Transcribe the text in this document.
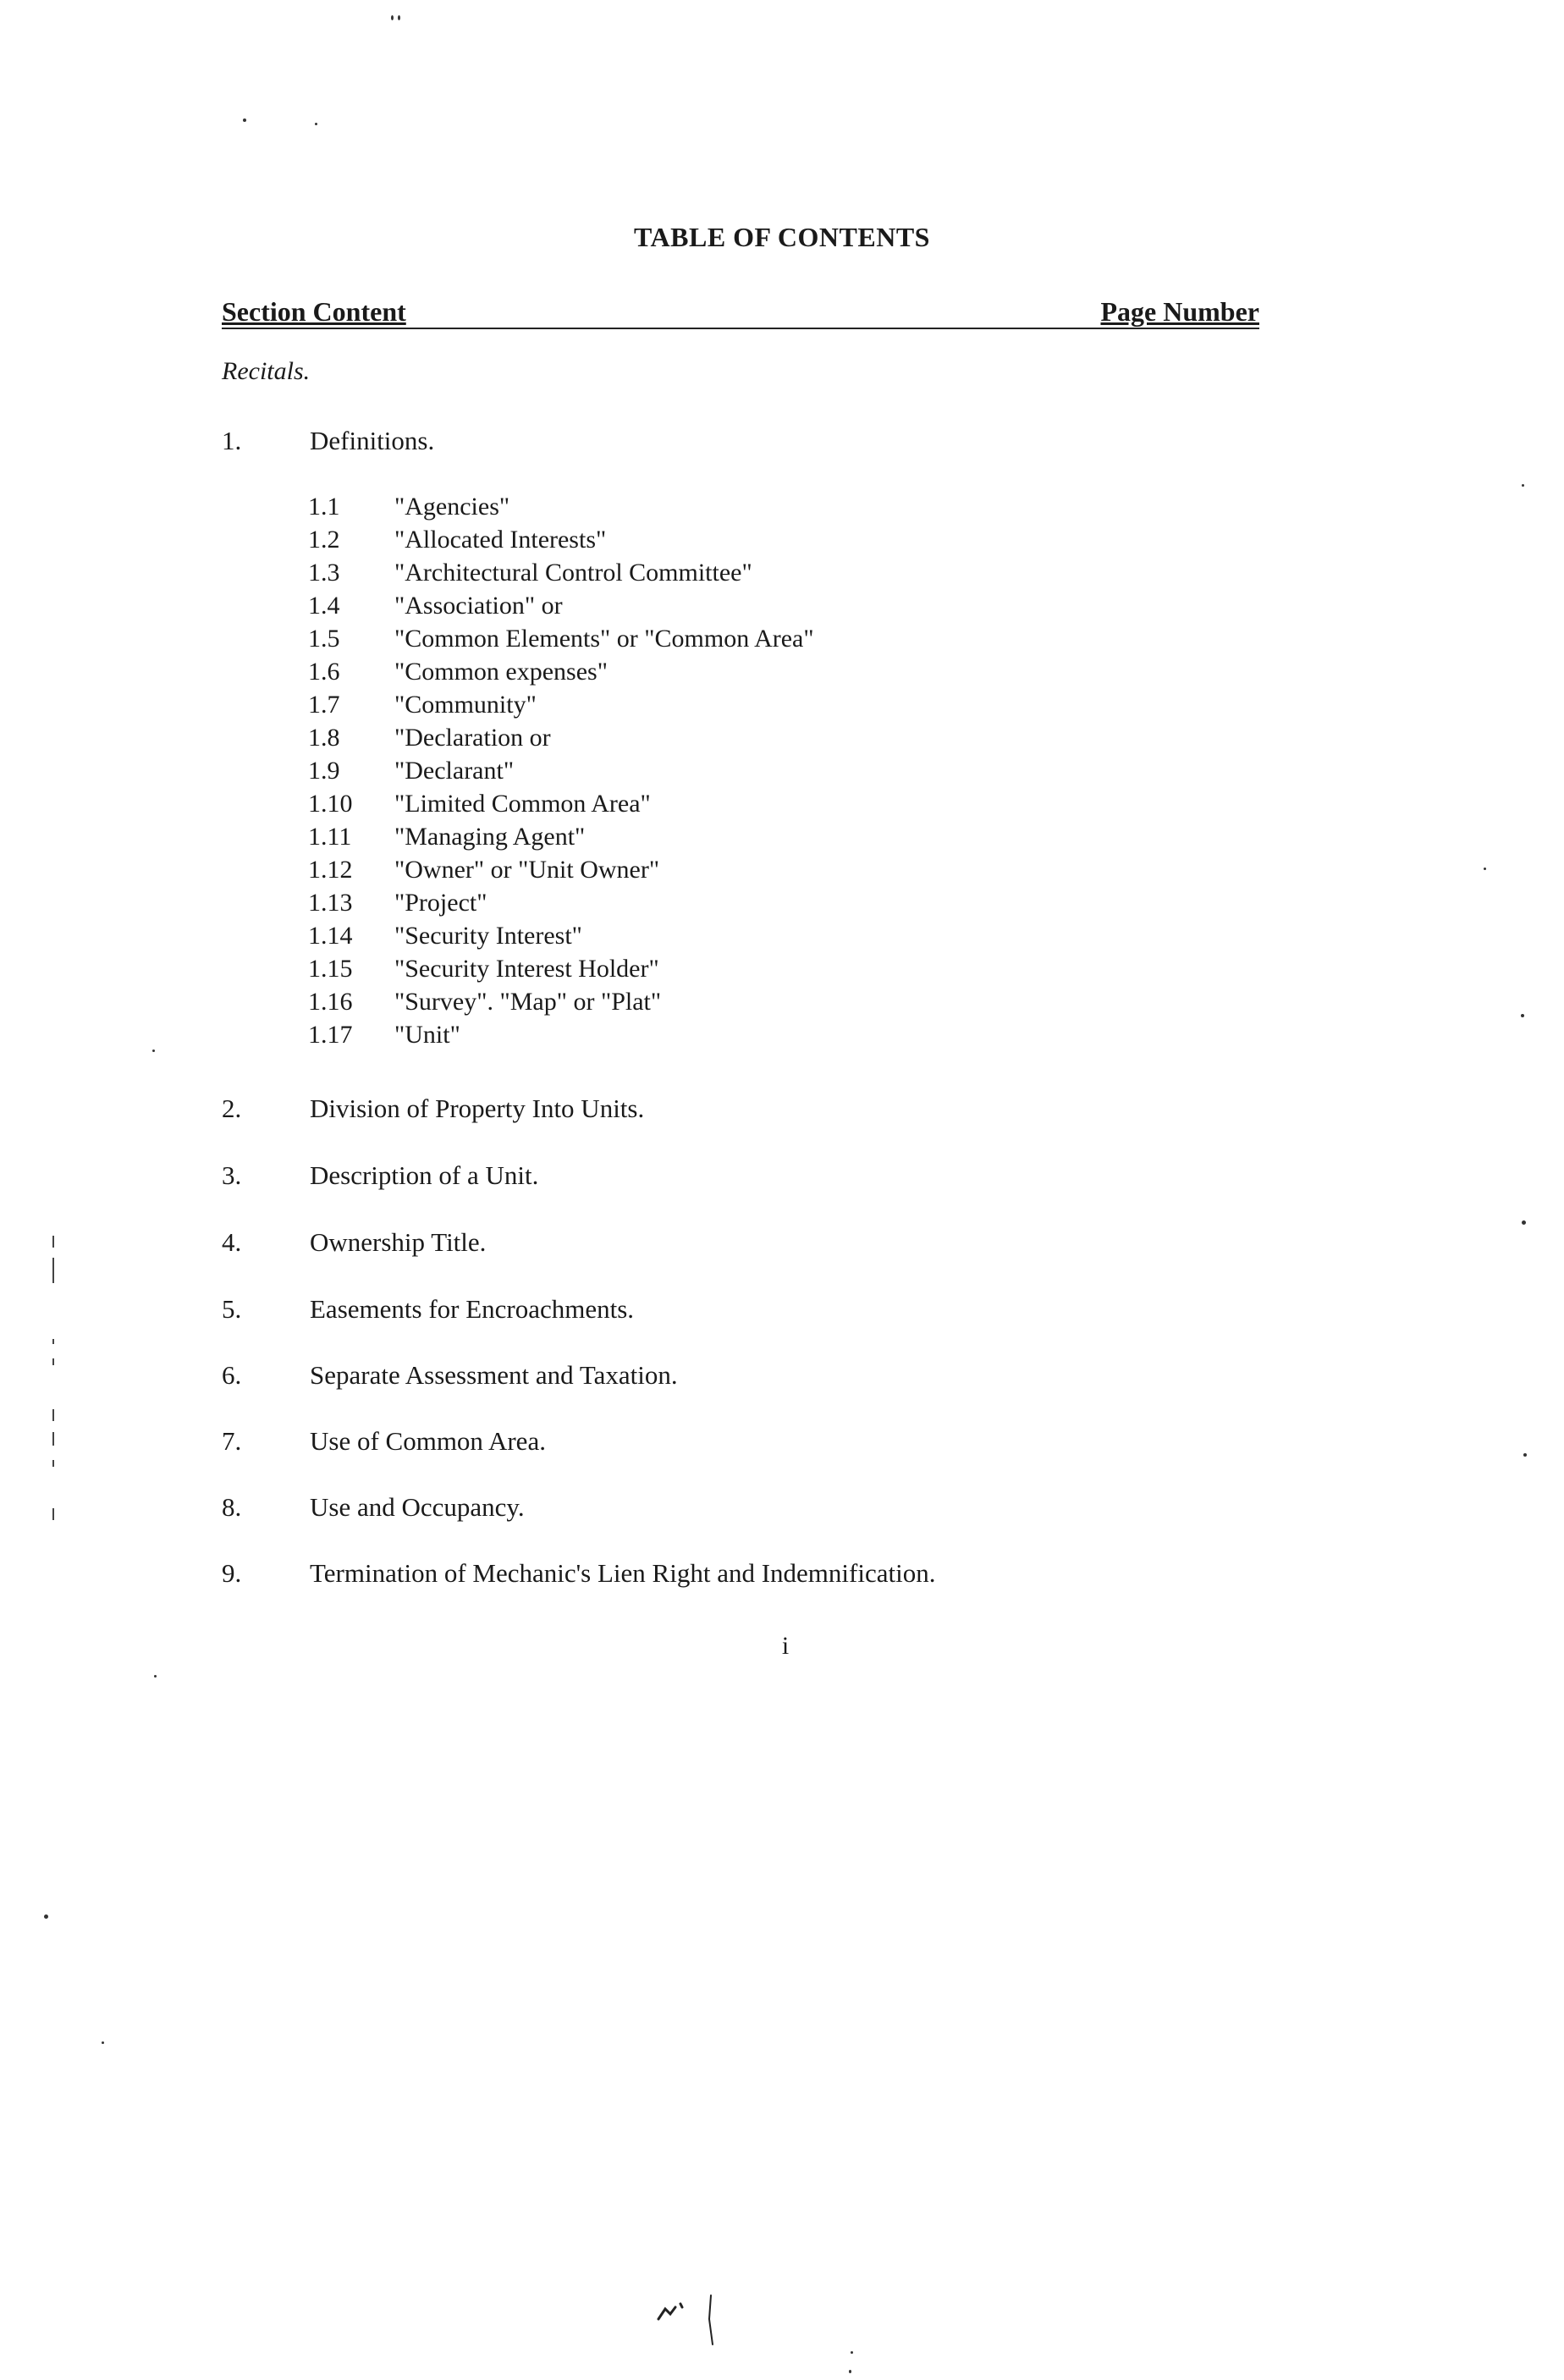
TABLE OF CONTENTS
Section Content	Page Number
Recitals.
1.	Definitions.
1.1 "Agencies"
1.2 "Allocated Interests"
1.3 "Architectural Control Committee"
1.4 "Association" or
1.5 "Common Elements" or "Common Area"
1.6 "Common expenses"
1.7 "Community"
1.8 "Declaration or
1.9 "Declarant"
1.10 "Limited Common Area"
1.11 "Managing Agent"
1.12 "Owner" or "Unit Owner"
1.13 "Project"
1.14 "Security Interest"
1.15 "Security Interest Holder"
1.16 "Survey". "Map" or "Plat"
1.17 "Unit"
2.	Division of Property Into Units.
3.	Description of a Unit.
4.	Ownership Title.
5.	Easements for Encroachments.
6.	Separate Assessment and Taxation.
7.	Use of Common Area.
8.	Use and Occupancy.
9.	Termination of Mechanic's Lien Right and Indemnification.
i
